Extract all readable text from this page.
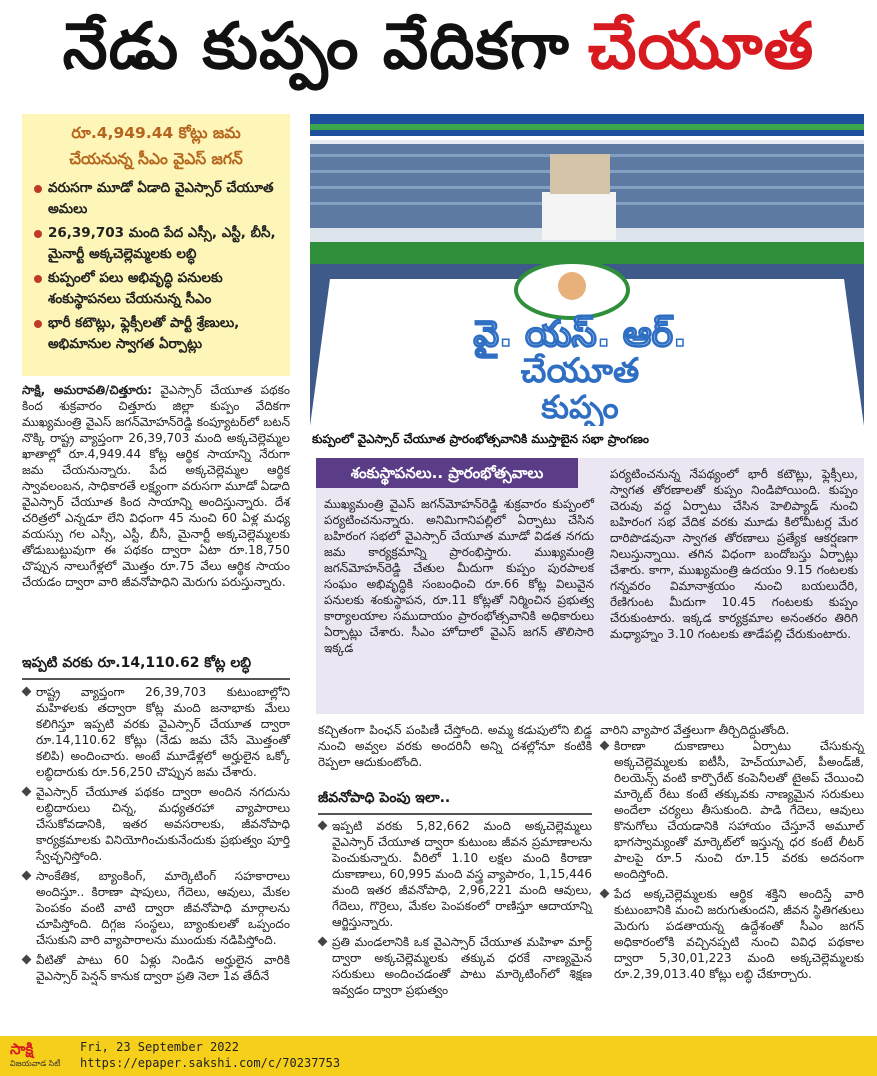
నేడు కుప్పం వేదికగా చేయూత
రూ.4,949.44 కోట్లు జమ
చేయనున్న సీఎం వైఎస్ జగన్
వరుసగా మూడో ఏడాది వైఎస్సార్ చేయూత అమలు
26,39,703 మంది పేద ఎస్సీ, ఎస్టీ, బీసీ, మైనార్టీ అక్కచెల్లెమ్మలకు లబ్ధి
కుప్పంలో పలు అభివృద్ధి పనులకు శంకుస్థాపనలు చేయనున్న సీఎం
భారీ కటౌట్లు, ఫ్లెక్సీలతో పార్టీ శ్రేణులు, అభిమానుల స్వాగత ఏర్పాట్లు	వై. యస్. ఆర్.
చేయూత
కుప్పం
కుప్పంలో వైఎస్సార్ చేయూత ప్రారంభోత్సవానికి ముస్తాబైన సభా ప్రాంగణం

సాక్షి, అమరావతి/చిత్తూరు: వైఎస్సార్ చేయూత పథకం కింద శుక్రవారం చిత్తూరు జిల్లా కుప్పం వేదికగా ముఖ్యమంత్రి వైఎస్ జగన్‌మోహన్‌రెడ్డి కంప్యూటర్‌లో బటన్ నొక్కి రాష్ట్ర వ్యాప్తంగా 26,39,703 మంది అక్కచెల్లెమ్మల ఖాతాల్లో రూ.4,949.44 కోట్ల ఆర్థిక సాయాన్ని నేరుగా జమ చేయనున్నారు. పేద అక్కచెల్లెమ్మల ఆర్థిక స్వావలంబన, సాధికారతే లక్ష్యంగా వరుసగా మూడో ఏడాది వైఎస్సార్ చేయూత కింద సాయాన్ని అందిస్తున్నారు. దేశ చరిత్రలో ఎన్నడూ లేని విధంగా 45 నుంచి 60 ఏళ్ల మధ్య వయస్సు గల ఎస్సీ, ఎస్టీ, బీసీ, మైనార్టీ అక్కచెల్లెమ్మలకు తోడుబుట్టువుగా ఈ పథకం ద్వారా ఏటా రూ.18,750 చొప్పున నాలుగేళ్లలో మొత్తం రూ.75 వేలు ఆర్థిక సాయం చేయడం ద్వారా వారి జీవనోపాధిని మెరుగు పరుస్తున్నారు.

ఇప్పటి వరకు రూ.14,110.62 కోట్ల లబ్ధి
రాష్ట్ర వ్యాప్తంగా 26,39,703 కుటుంబాల్లోని మహిళలకు తద్వారా కోట్ల మంది జనాభాకు మేలు కలిగిస్తూ ఇప్పటి వరకు వైఎస్సార్ చేయూత ద్వారా రూ.14,110.62 కోట్లు (నేడు జమ చేసే మొత్తంతో కలిపి) అందించారు. అంటే మూడేళ్లలో అర్హులైన ఒక్కో లబ్ధిదారుకు రూ.56,250 చొప్పున జమ చేశారు.
వైఎస్సార్ చేయూత పథకం ద్వారా అందిన నగదును లబ్ధిదారులు చిన్న, మధ్యతరహా వ్యాపారాలు చేసుకోవడానికి, ఇతర అవసరాలకు, జీవనోపాధి కార్యక్రమాలకు వినియోగించుకునేందుకు ప్రభుత్వం పూర్తి స్వేచ్ఛనిస్తోంది.
సాంకేతిక, బ్యాంకింగ్, మార్కెటింగ్ సహకారాలు అందిస్తూ.. కిరాణా షాపులు, గేదెలు, ఆవులు, మేకల పెంపకం వంటి వాటి ద్వారా జీవనోపాధి మార్గాలను చూపిస్తోంది. దిగ్గజ సంస్థలు, బ్యాంకులతో ఒప్పందం చేసుకుని వారి వ్యాపారాలను ముందుకు నడిపిస్తోంది.
వీటితో పాటు 60 ఏళ్లు నిండిన అర్హులైన వారికి వైఎస్సార్ పెన్షన్ కానుక ద్వారా ప్రతి నెలా 1వ తేదీనే
శంకుస్థాపనలు.. ప్రారంభోత్సవాలు
ముఖ్యమంత్రి వైఎస్ జగన్‌మోహన్‌రెడ్డి శుక్రవారం కుప్పంలో పర్యటించనున్నారు. అనిమిగానిపల్లిలో ఏర్పాటు చేసిన బహిరంగ సభలో వైఎస్సార్ చేయూత మూడో విడత నగదు జమ కార్యక్రమాన్ని ప్రారంభిస్తారు. ముఖ్యమంత్రి జగన్‌మోహన్‌రెడ్డి చేతుల మీదుగా కుప్పం పురపాలక సంఘం అభివృద్ధికి సంబంధించి రూ.66 కోట్ల విలువైన పనులకు శంకుస్థాపన, రూ.11 కోట్లతో నిర్మించిన ప్రభుత్వ కార్యాలయాల సముదాయం ప్రారంభోత్సవానికి అధికారులు ఏర్పాట్లు చేశారు. సీఎం హోదాలో వైఎస్ జగన్ తొలిసారి ఇక్కడ
పర్యటించనున్న నేపథ్యంలో భారీ కటౌట్లు, ఫ్లెక్సీలు, స్వాగత తోరణాలతో కుప్పం నిండిపోయింది. కుప్పం చెరువు వద్ద ఏర్పాటు చేసిన హెలిప్యాడ్ నుంచి బహిరంగ సభ వేదిక వరకు మూడు కిలోమీటర్ల మేర దారిపొడవునా స్వాగత తోరణాలు ప్రత్యేక ఆకర్షణగా నిలుస్తున్నాయి. తగిన విధంగా బందోబస్తు ఏర్పాట్లు చేశారు. కాగా, ముఖ్యమంత్రి ఉదయం 9.15 గంటలకు గన్నవరం విమానాశ్రయం నుంచి బయలుదేరి, రేణిగుంట మీదుగా 10.45 గంటలకు కుప్పం చేరుకుంటారు. ఇక్కడ కార్యక్రమాల అనంతరం తిరిగి మధ్యాహ్నం 3.10 గంటలకు తాడేపల్లి చేరుకుంటారు.
కచ్చితంగా పింఛన్ పంపిణీ చేస్తోంది. అమ్మ కడుపులోని బిడ్డ నుంచి అవ్వల వరకు అందరినీ అన్ని దశల్లోనూ కంటికి రెప్పలా ఆదుకుంటోంది.
జీవనోపాధి పెంపు ఇలా..
ఇప్పటి వరకు 5,82,662 మంది అక్కచెల్లెమ్మలు వైఎస్సార్ చేయూత ద్వారా కుటుంబ జీవన ప్రమాణాలను పెంచుకున్నారు. వీరిలో 1.10 లక్షల మంది కిరాణా దుకాణాలు, 60,995 మంది వస్త్ర వ్యాపారం, 1,15,446 మంది ఇతర జీవనోపాధి, 2,96,221 మంది ఆవులు, గేదెలు, గొర్రెలు, మేకల పెంపకంలో రాణిస్తూ ఆదాయాన్ని ఆర్జిస్తున్నారు.
ప్రతి మండలానికి ఒక వైఎస్సార్ చేయూత మహిళా మార్ట్ ద్వారా అక్కచెల్లెమ్మలకు తక్కువ ధరకే నాణ్యమైన సరుకులు అందించడంతో పాటు మార్కెటింగ్‌లో శిక్షణ ఇవ్వడం ద్వారా ప్రభుత్వం

వారిని వ్యాపార వేత్తలుగా తీర్చిదిద్దుతోంది.

కిరాణా దుకాణాలు ఏర్పాటు చేసుకున్న అక్కచెల్లెమ్మలకు ఐటీసీ, హెచ్‌యూఎల్, పీఅండ్‌జీ, రిలయెన్స్ వంటి కార్పొరేట్ కంపెనీలతో టైఅప్ చేయించి మార్కెట్ రేటు కంటే తక్కువకు నాణ్యమైన సరుకులు అందేలా చర్యలు తీసుకుంది. పాడి గేదెలు, ఆవులు కొనుగోలు చేయడానికి సహాయం చేస్తూనే అమూల్ భాగస్వామ్యంతో మార్కెట్‌లో ఇస్తున్న ధర కంటే లీటర్ పాలపై రూ.5 నుంచి రూ.15 వరకు అదనంగా అందిస్తోంది.
పేద అక్కచెల్లెమ్మలకు ఆర్థిక శక్తిని అందిస్తే వారి కుటుంబానికి మంచి జరుగుతుందని, జీవన స్థితిగతులు మెరుగు పడతాయన్న ఉద్దేశంతో సీఎం జగన్ అధికారంలోకి వచ్చినప్పటి నుంచి వివిధ పథకాల ద్వారా 5,30,01,223 మంది అక్కచెల్లెమ్మలకు రూ.2,39,013.40 కోట్లు లబ్ధి చేకూర్చారు.
సాక్షి
విజయవాడ సిటీ
Fri, 23 September 2022
https://epaper.sakshi.com/c/70237753
